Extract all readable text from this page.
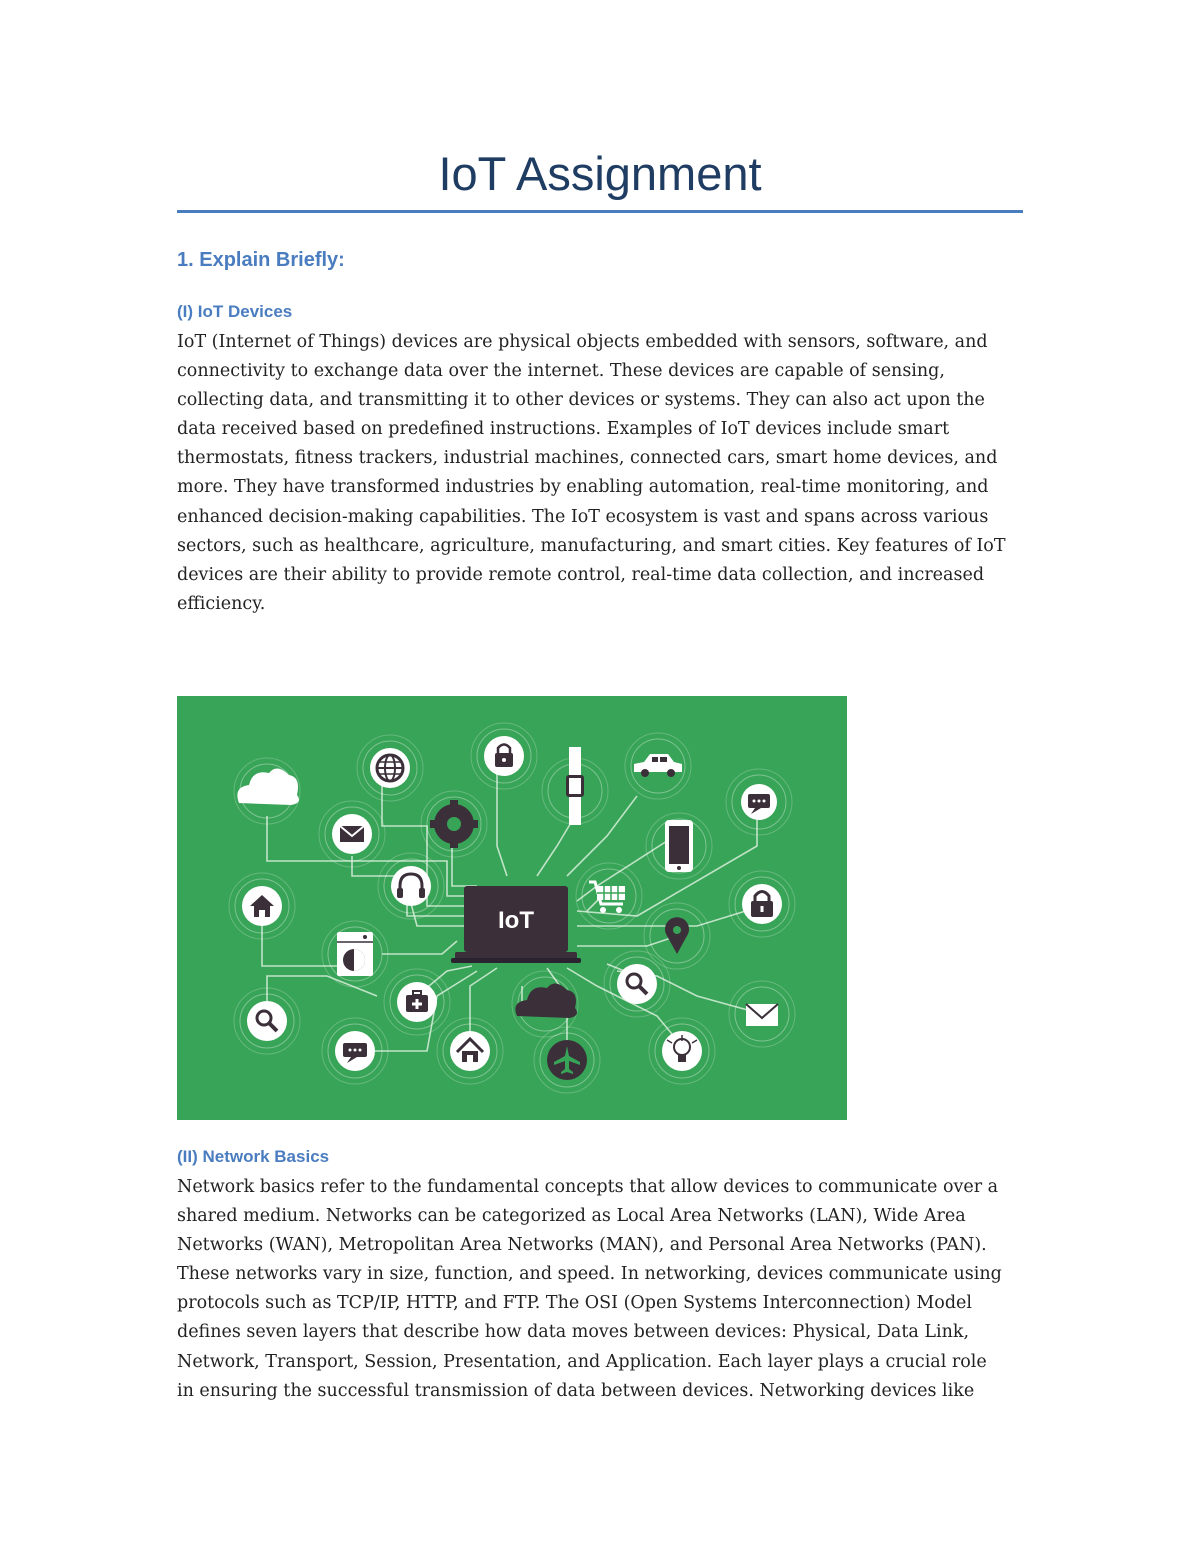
IoT Assignment
1. Explain Briefly:
(I) IoT Devices

IoT (Internet of Things) devices are physical objects embedded with sensors, software, and
connectivity to exchange data over the internet. These devices are capable of sensing,
collecting data, and transmitting it to other devices or systems. They can also act upon the
data received based on predefined instructions. Examples of IoT devices include smart
thermostats, fitness trackers, industrial machines, connected cars, smart home devices, and
more. They have transformed industries by enabling automation, real-time monitoring, and
enhanced decision-making capabilities. The IoT ecosystem is vast and spans across various
sectors, such as healthcare, agriculture, manufacturing, and smart cities. Key features of IoT
devices are their ability to provide remote control, real-time data collection, and increased
efficiency.

IoT
(II) Network Basics

Network basics refer to the fundamental concepts that allow devices to communicate over a
shared medium. Networks can be categorized as Local Area Networks (LAN), Wide Area
Networks (WAN), Metropolitan Area Networks (MAN), and Personal Area Networks (PAN).
These networks vary in size, function, and speed. In networking, devices communicate using
protocols such as TCP/IP, HTTP, and FTP. The OSI (Open Systems Interconnection) Model
defines seven layers that describe how data moves between devices: Physical, Data Link,
Network, Transport, Session, Presentation, and Application. Each layer plays a crucial role
in ensuring the successful transmission of data between devices. Networking devices like
